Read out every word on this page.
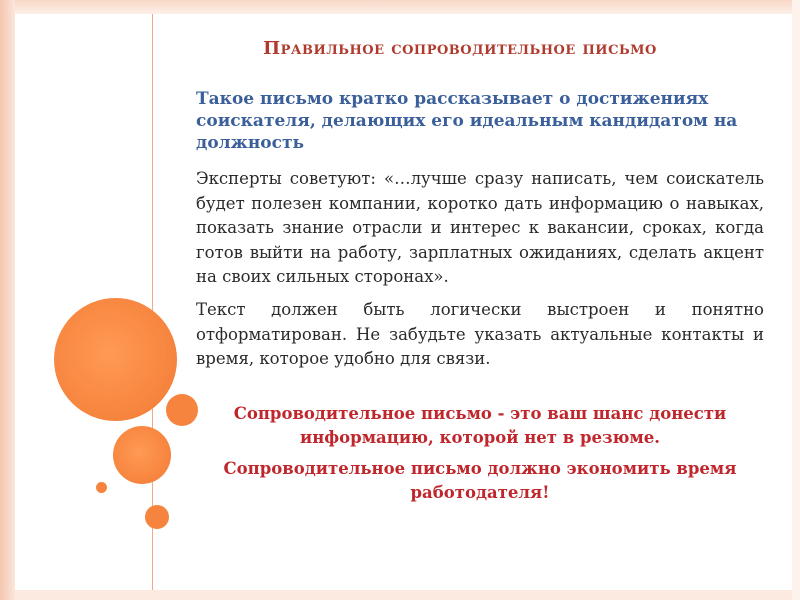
Правильное сопроводительное письмо
Такое письмо кратко рассказывает о достижениях соискателя, делающих его идеальным кандидатом на должность
Эксперты советуют: «…лучше сразу написать, чем соискатель будет полезен компании, коротко дать информацию о навыках, показать знание отрасли и интерес к вакансии, сроках, когда готов выйти на работу, зарплатных ожиданиях, сделать акцент на своих сильных сторонах».
Текст должен быть логически выстроен и понятно отформатирован. Не забудьте указать актуальные контакты и время, которое удобно для связи.
Сопроводительное письмо - это ваш шанс донести информацию, которой нет в резюме.
Сопроводительное письмо должно экономить время работодателя!
